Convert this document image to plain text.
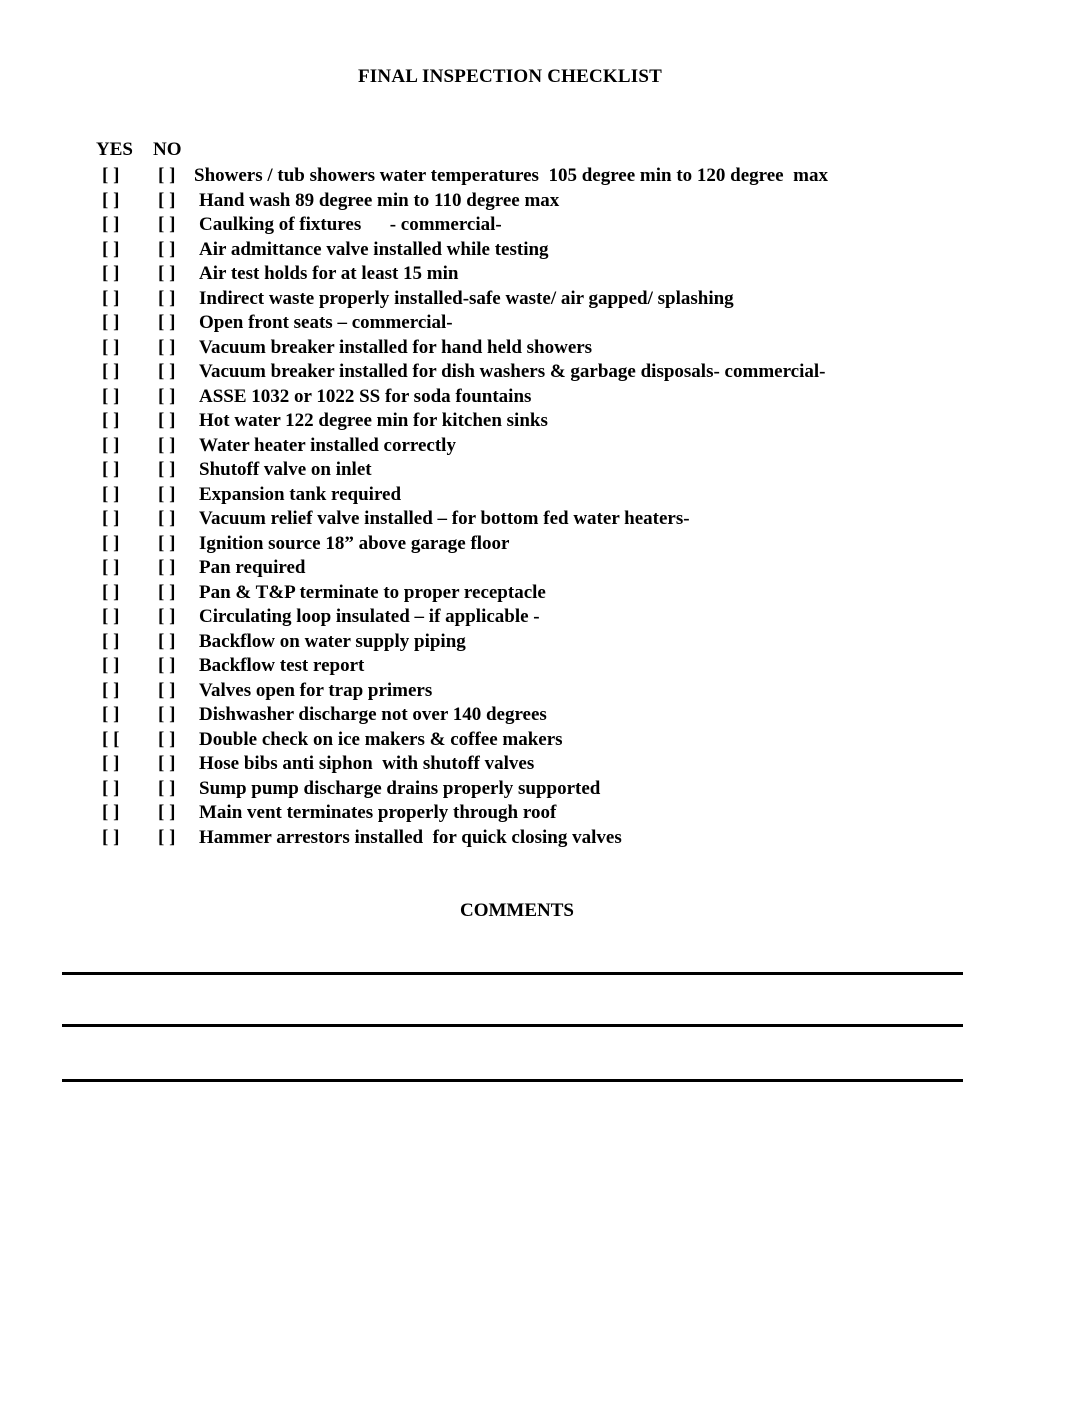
FINAL INSPECTION CHECKLIST
YES NO
[ ] [ ] Showers / tub showers water temperatures  105 degree min to 120 degree  max
[ ] [ ] Hand wash 89 degree min to 110 degree max
[ ] [ ] Caulking of fixtures      - commercial-
[ ] [ ] Air admittance valve installed while testing
[ ] [ ] Air test holds for at least 15 min
[ ] [ ] Indirect waste properly installed-safe waste/ air gapped/ splashing
[ ] [ ] Open front seats – commercial-
[ ] [ ] Vacuum breaker installed for hand held showers
[ ] [ ] Vacuum breaker installed for dish washers & garbage disposals- commercial-
[ ] [ ] ASSE 1032 or 1022 SS for soda fountains
[ ] [ ] Hot water 122 degree min for kitchen sinks
[ ] [ ] Water heater installed correctly
[ ] [ ] Shutoff valve on inlet
[ ] [ ] Expansion tank required
[ ] [ ] Vacuum relief valve installed – for bottom fed water heaters-
[ ] [ ] Ignition source 18” above garage floor
[ ] [ ] Pan required
[ ] [ ] Pan & T&P terminate to proper receptacle
[ ] [ ] Circulating loop insulated – if applicable -
[ ] [ ] Backflow on water supply piping
[ ] [ ] Backflow test report
[ ] [ ] Valves open for trap primers
[ ] [ ] Dishwasher discharge not over 140 degrees
[ [ [ ] Double check on ice makers & coffee makers
[ ] [ ] Hose bibs anti siphon  with shutoff valves
[ ] [ ] Sump pump discharge drains properly supported
[ ] [ ] Main vent terminates properly through roof
[ ] [ ] Hammer arrestors installed  for quick closing valves
COMMENTS
